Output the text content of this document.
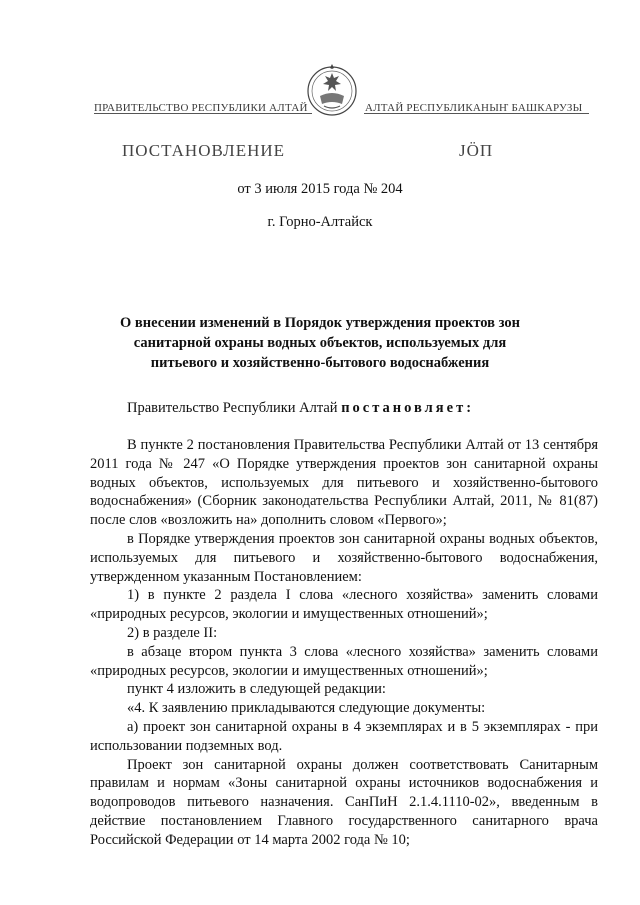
ПРАВИТЕЛЬСТВО РЕСПУБЛИКИ АЛТАЙ	АЛТАЙ РЕСПУБЛИКАНЫҤ БАШКАРУЗЫ
ПОСТАНОВЛЕНИЕ	ЈӦП
от 3 июля 2015 года № 204
г. Горно-Алтайск
О внесении изменений в Порядок утверждения проектов зон санитарной охраны водных объектов, используемых для питьевого и хозяйственно-бытового водоснабжения
Правительство Республики Алтай постановляет:

В пункте 2 постановления Правительства Республики Алтай от 13 сентября 2011 года № 247 «О Порядке утверждения проектов зон санитарной охраны водных объектов, используемых для питьевого и хозяйственно-бытового водоснабжения» (Сборник законодательства Республики Алтай, 2011, № 81(87) после слов «возложить на» дополнить словом «Первого»;

в Порядке утверждения проектов зон санитарной охраны водных объектов, используемых для питьевого и хозяйственно-бытового водоснабжения, утвержденном указанным Постановлением:

1) в пункте 2 раздела I слова «лесного хозяйства» заменить словами «природных ресурсов, экологии и имущественных отношений»;

2) в разделе II:

в абзаце втором пункта 3 слова «лесного хозяйства» заменить словами «природных ресурсов, экологии и имущественных отношений»;

пункт 4 изложить в следующей редакции:

«4. К заявлению прикладываются следующие документы:

а) проект зон санитарной охраны в 4 экземплярах и в 5 экземплярах - при использовании подземных вод.

Проект зон санитарной охраны должен соответствовать Санитарным правилам и нормам «Зоны санитарной охраны источников водоснабжения и водопроводов питьевого назначения. СанПиН 2.1.4.1110-02», введенным в действие постановлением Главного государственного санитарного врача Российской Федерации от 14 марта 2002 года № 10;
